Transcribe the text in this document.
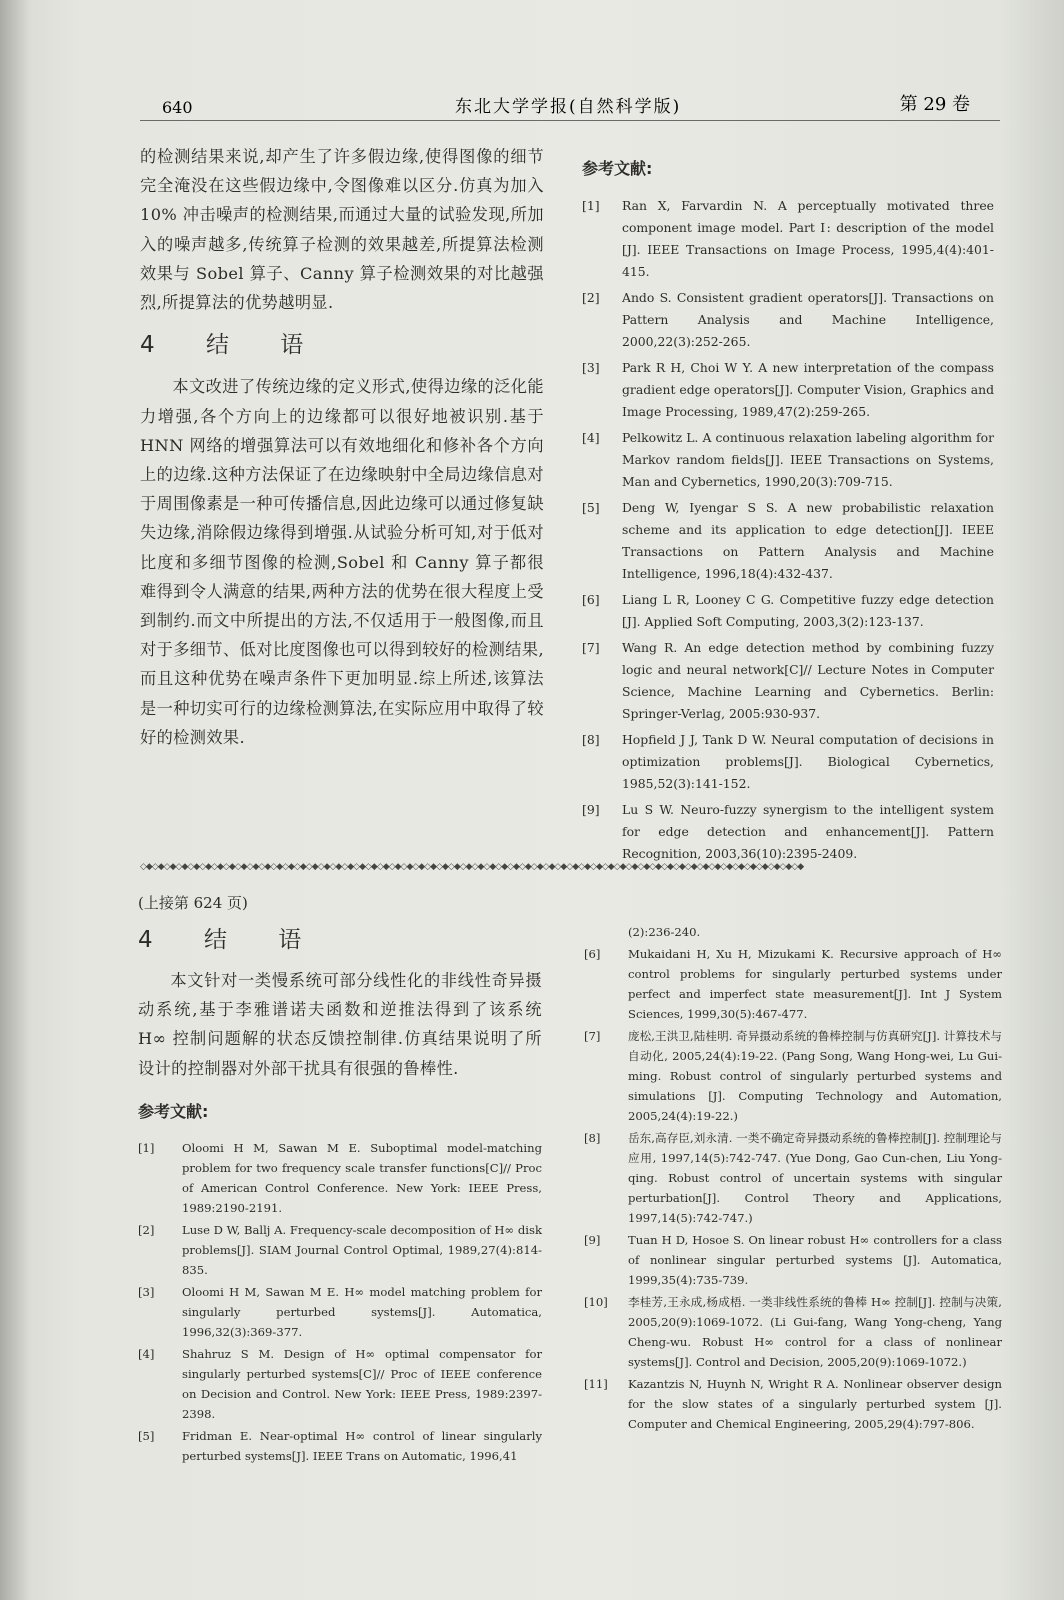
640	东北大学学报(自然科学版)	第 29 卷

的检测结果来说,却产生了许多假边缘,使得图像的细节完全淹没在这些假边缘中,令图像难以区分.仿真为加入 10% 冲击噪声的检测结果,而通过大量的试验发现,所加入的噪声越多,传统算子检测的效果越差,所提算法检测效果与 Sobel 算子、Canny 算子检测效果的对比越强烈,所提算法的优势越明显.

4 结 语

本文改进了传统边缘的定义形式,使得边缘的泛化能力增强,各个方向上的边缘都可以很好地被识别.基于 HNN 网络的增强算法可以有效地细化和修补各个方向上的边缘.这种方法保证了在边缘映射中全局边缘信息对于周围像素是一种可传播信息,因此边缘可以通过修复缺失边缘,消除假边缘得到增强.从试验分析可知,对于低对比度和多细节图像的检测,Sobel 和 Canny 算子都很难得到令人满意的结果,两种方法的优势在很大程度上受到制约.而文中所提出的方法,不仅适用于一般图像,而且对于多细节、低对比度图像也可以得到较好的检测结果,而且这种优势在噪声条件下更加明显.综上所述,该算法是一种切实可行的边缘检测算法,在实际应用中取得了较好的检测效果.

参考文献:
[1] Ran X, Farvardin N. A perceptually motivated three component image model. Part Ⅰ: description of the model [J]. IEEE Transactions on Image Process, 1995,4(4):401-415.
[2] Ando S. Consistent gradient operators[J]. Transactions on Pattern Analysis and Machine Intelligence, 2000,22(3):252-265.
[3] Park R H, Choi W Y. A new interpretation of the compass gradient edge operators[J]. Computer Vision, Graphics and Image Processing, 1989,47(2):259-265.
[4] Pelkowitz L. A continuous relaxation labeling algorithm for Markov random fields[J]. IEEE Transactions on Systems, Man and Cybernetics, 1990,20(3):709-715.
[5] Deng W, Iyengar S S. A new probabilistic relaxation scheme and its application to edge detection[J]. IEEE Transactions on Pattern Analysis and Machine Intelligence, 1996,18(4):432-437.
[6] Liang L R, Looney C G. Competitive fuzzy edge detection [J]. Applied Soft Computing, 2003,3(2):123-137.
[7] Wang R. An edge detection method by combining fuzzy logic and neural network[C]// Lecture Notes in Computer Science, Machine Learning and Cybernetics. Berlin: Springer-Verlag, 2005:930-937.
[8] Hopfield J J, Tank D W. Neural computation of decisions in optimization problems[J]. Biological Cybernetics, 1985,52(3):141-152.
[9] Lu S W. Neuro-fuzzy synergism to the intelligent system for edge detection and enhancement[J]. Pattern Recognition, 2003,36(10):2395-2409.
◇◆◇◆◇◆◇◆◇◆◇◆◇◆◇◆◇◆◇◆◇◆◇◆◇◆◇◆◇◆◇◆◇◆◇◆◇◆◇◆◇◆◇◆◇◆◇◆◇◆◇◆◇◆◇◆◇◆◇◆◇◆◇◆◇◆◇◆◇◆◇◆◇◆◇◆◇◆◇◆◇◆◇◆◇◆◇◆◇◆◇◆◇◆◇◆◇◆◇◆◇◆◇◆◇◆◇◆◇◆◇◆
(上接第 624 页)
4 结 语

本文针对一类慢系统可部分线性化的非线性奇异摄动系统,基于李雅谱诺夫函数和逆推法得到了该系统 H∞ 控制问题解的状态反馈控制律.仿真结果说明了所设计的控制器对外部干扰具有很强的鲁棒性.

参考文献:
[1] Oloomi H M, Sawan M E. Suboptimal model-matching problem for two frequency scale transfer functions[C]// Proc of American Control Conference. New York: IEEE Press, 1989:2190-2191.
[2] Luse D W, Ballj A. Frequency-scale decomposition of H∞ disk problems[J]. SIAM Journal Control Optimal, 1989,27(4):814-835.
[3] Oloomi H M, Sawan M E. H∞ model matching problem for singularly perturbed systems[J]. Automatica, 1996,32(3):369-377.
[4] Shahruz S M. Design of H∞ optimal compensator for singularly perturbed systems[C]// Proc of IEEE conference on Decision and Control. New York: IEEE Press, 1989:2397-2398.
[5] Fridman E. Near-optimal H∞ control of linear singularly perturbed systems[J]. IEEE Trans on Automatic, 1996,41
(2):236-240.
[6] Mukaidani H, Xu H, Mizukami K. Recursive approach of H∞ control problems for singularly perturbed systems under perfect and imperfect state measurement[J]. Int J System Sciences, 1999,30(5):467-477.
[7] 庞松,王洪卫,陆桂明. 奇异摄动系统的鲁棒控制与仿真研究[J]. 计算技术与自动化, 2005,24(4):19-22. (Pang Song, Wang Hong-wei, Lu Gui-ming. Robust control of singularly perturbed systems and simulations [J]. Computing Technology and Automation, 2005,24(4):19-22.)
[8] 岳东,高存臣,刘永清. 一类不确定奇异摄动系统的鲁棒控制[J]. 控制理论与应用, 1997,14(5):742-747. (Yue Dong, Gao Cun-chen, Liu Yong-qing. Robust control of uncertain systems with singular perturbation[J]. Control Theory and Applications, 1997,14(5):742-747.)
[9] Tuan H D, Hosoe S. On linear robust H∞ controllers for a class of nonlinear singular perturbed systems [J]. Automatica, 1999,35(4):735-739.
[10] 李桂芳,王永成,杨成梧. 一类非线性系统的鲁棒 H∞ 控制[J]. 控制与决策, 2005,20(9):1069-1072. (Li Gui-fang, Wang Yong-cheng, Yang Cheng-wu. Robust H∞ control for a class of nonlinear systems[J]. Control and Decision, 2005,20(9):1069-1072.)
[11] Kazantzis N, Huynh N, Wright R A. Nonlinear observer design for the slow states of a singularly perturbed system [J]. Computer and Chemical Engineering, 2005,29(4):797-806.
